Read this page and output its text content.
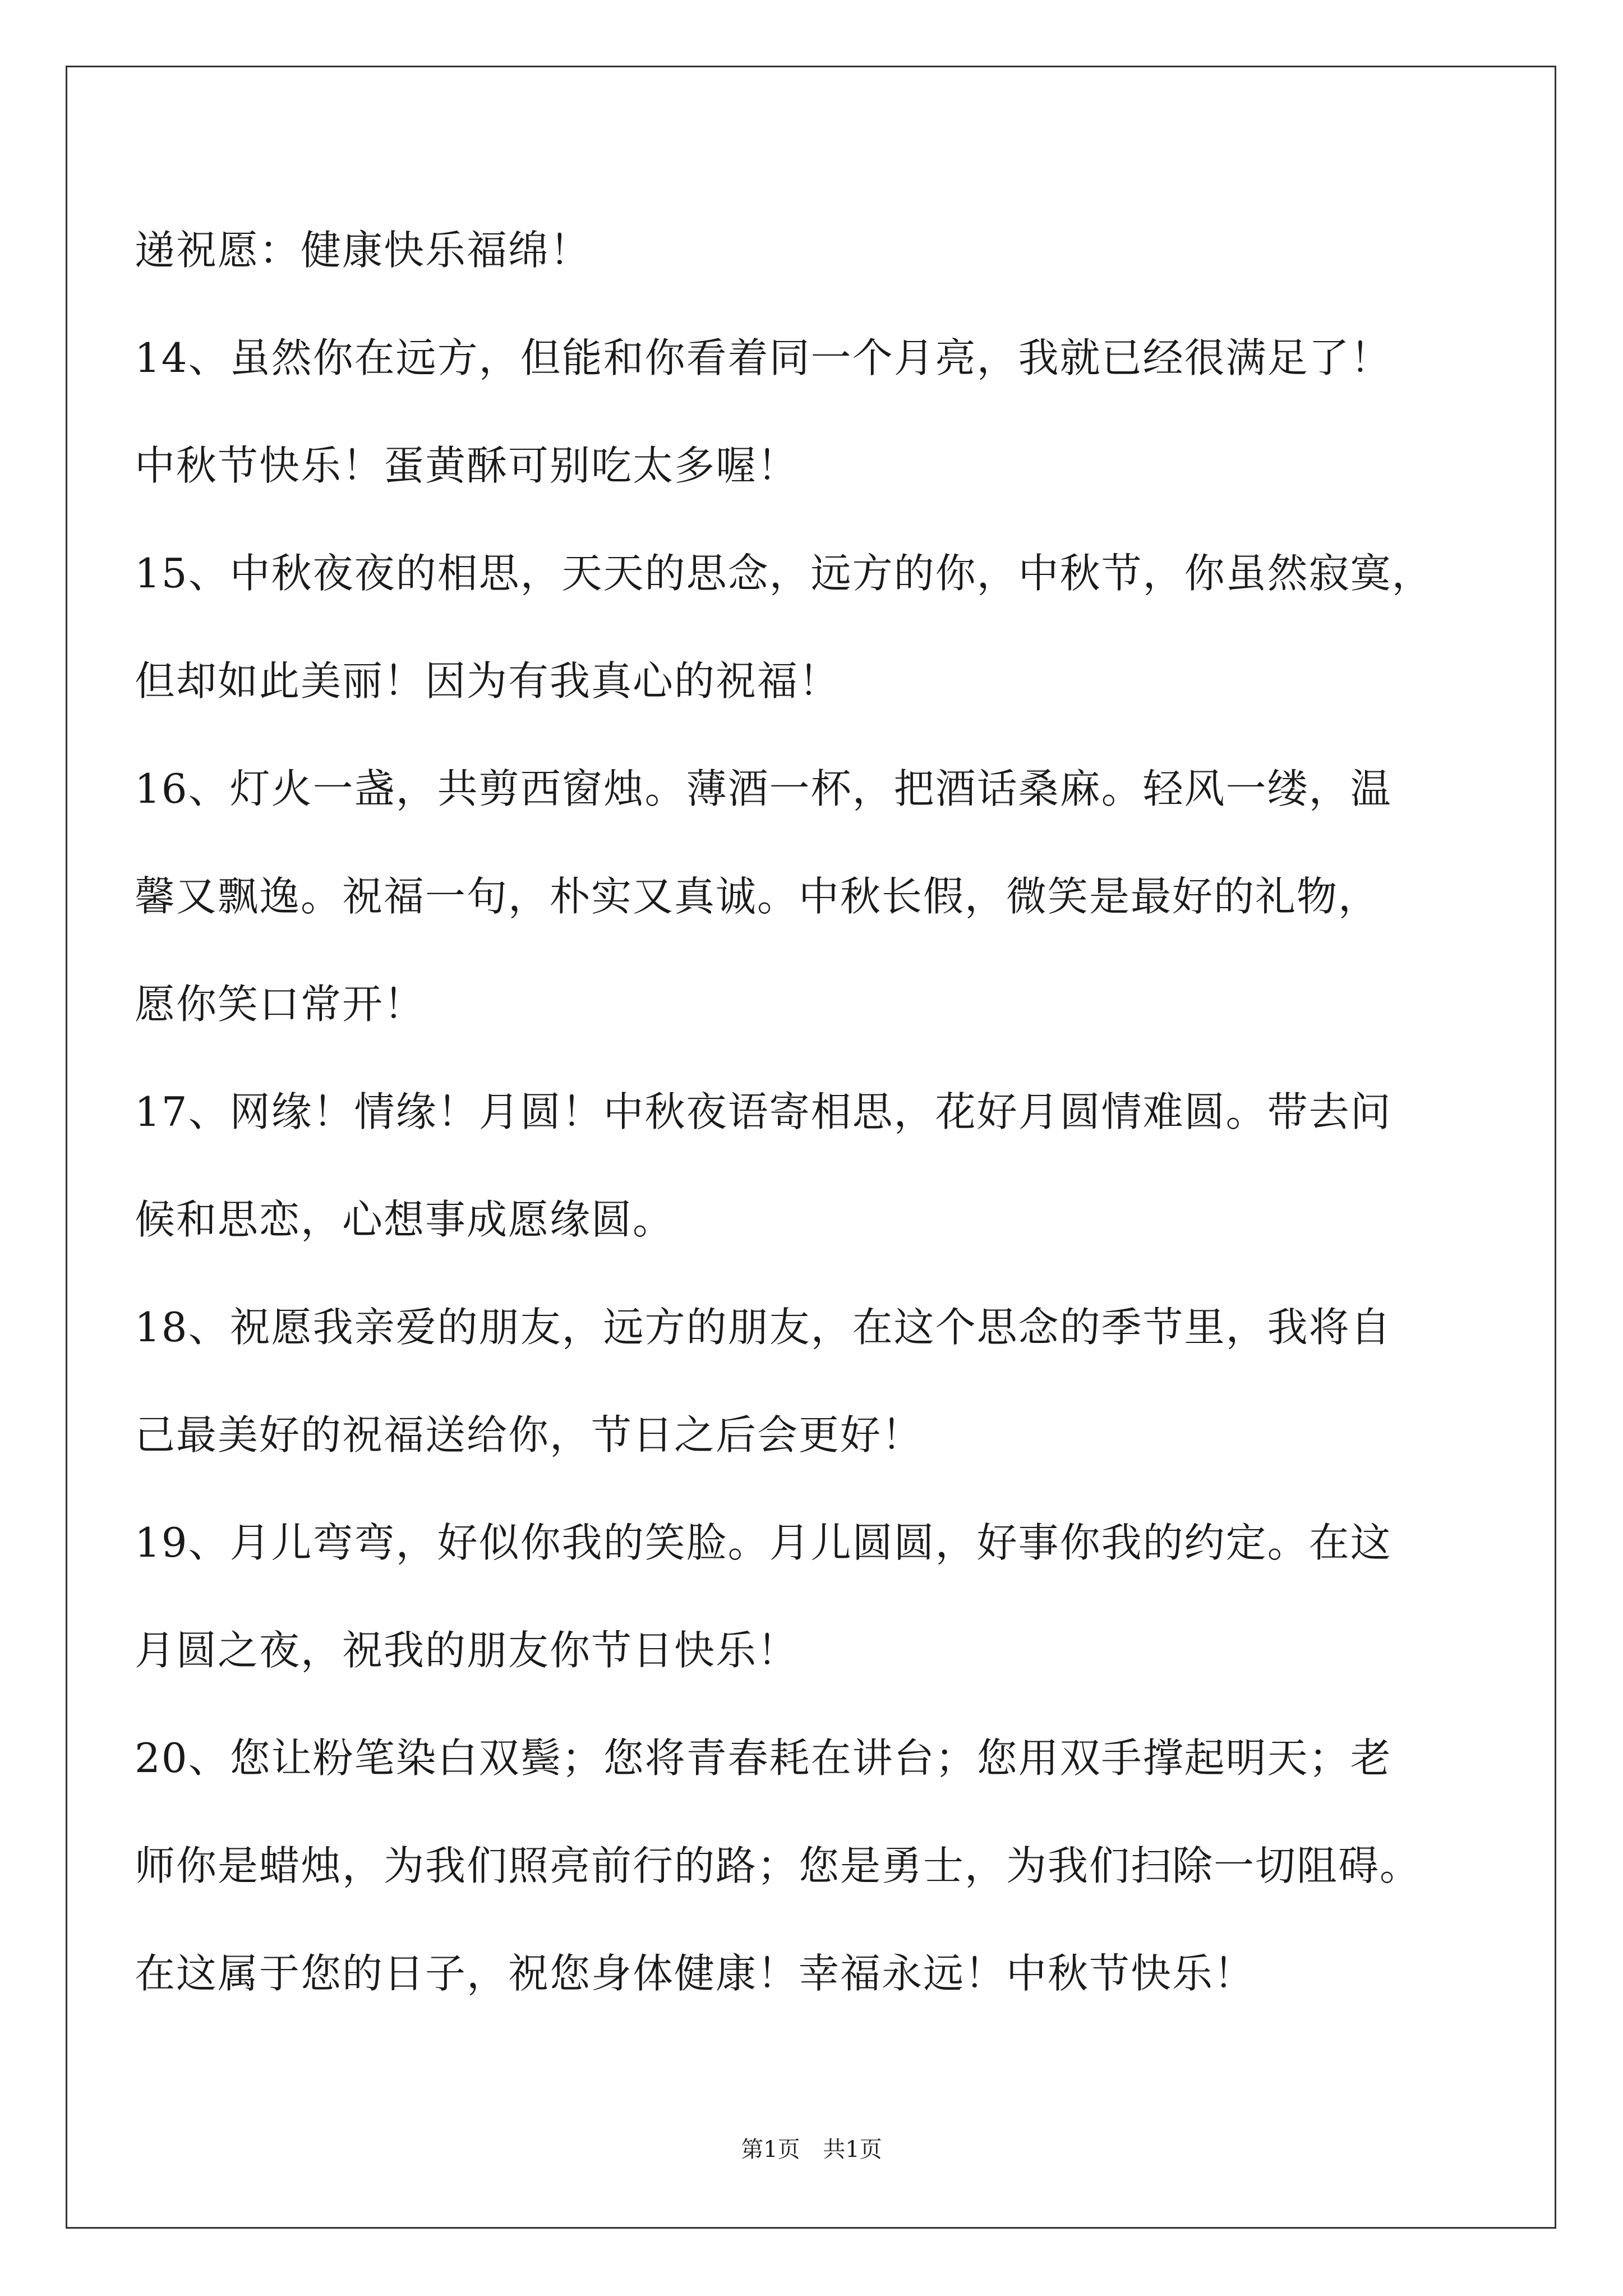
递祝愿：健康快乐福绵！
14、虽然你在远方，但能和你看着同一个月亮，我就已经很满足了！
中秋节快乐！蛋黄酥可别吃太多喔！
15、中秋夜夜的相思，天天的思念，远方的你，中秋节，你虽然寂寞，
但却如此美丽！因为有我真心的祝福！
16、灯火一盏，共剪西窗烛。薄酒一杯，把酒话桑麻。轻风一缕，温
馨又飘逸。祝福一句，朴实又真诚。中秋长假，微笑是最好的礼物，
愿你笑口常开！
17、网缘！情缘！月圆！中秋夜语寄相思，花好月圆情难圆。带去问
候和思恋，心想事成愿缘圆。
18、祝愿我亲爱的朋友，远方的朋友，在这个思念的季节里，我将自
己最美好的祝福送给你，节日之后会更好！
19、月儿弯弯，好似你我的笑脸。月儿圆圆，好事你我的约定。在这
月圆之夜，祝我的朋友你节日快乐！
20、您让粉笔染白双鬓；您将青春耗在讲台；您用双手撑起明天；老
师你是蜡烛，为我们照亮前行的路；您是勇士，为我们扫除一切阻碍。
在这属于您的日子，祝您身体健康！幸福永远！中秋节快乐！
第1页 共1页
